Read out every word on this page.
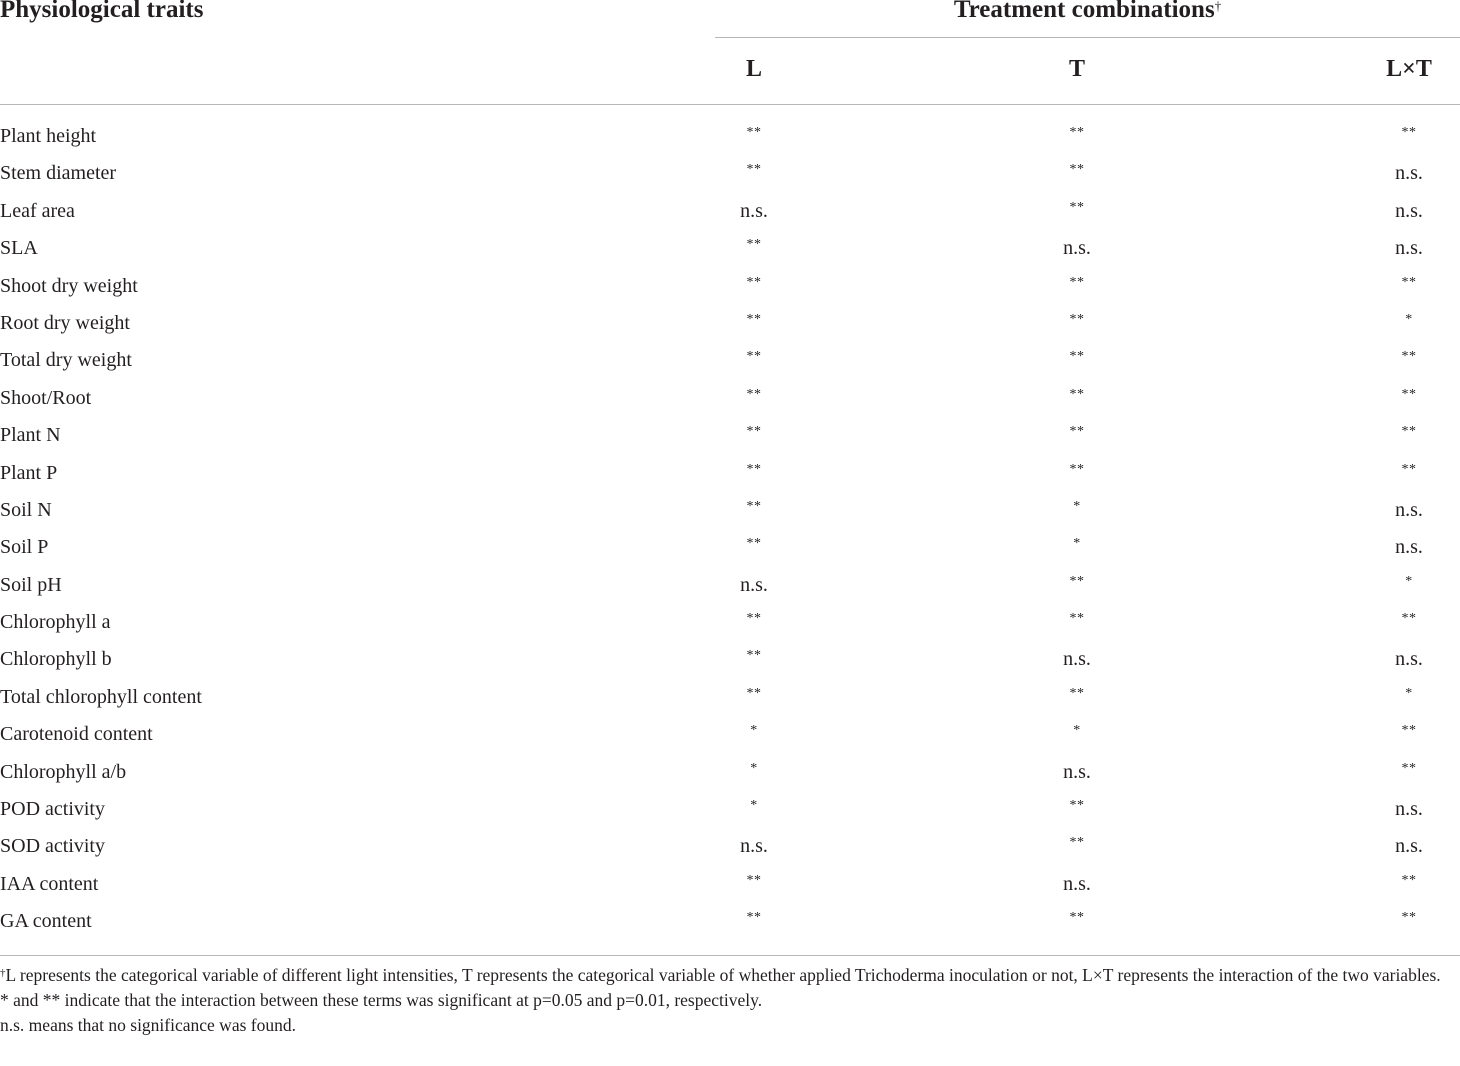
Physiological traits	Treatment combinations†
L	T	L×T
Plant height	**	**	**
Stem diameter	**	**	n.s.
Leaf area	n.s.	**	n.s.
SLA	**	n.s.	n.s.
Shoot dry weight	**	**	**
Root dry weight	**	**	*
Total dry weight	**	**	**
Shoot/Root	**	**	**
Plant N	**	**	**
Plant P	**	**	**
Soil N	**	*	n.s.
Soil P	**	*	n.s.
Soil pH	n.s.	**	*
Chlorophyll a	**	**	**
Chlorophyll b	**	n.s.	n.s.
Total chlorophyll content	**	**	*
Carotenoid content	*	*	**
Chlorophyll a/b	*	n.s.	**
POD activity	*	**	n.s.
SOD activity	n.s.	**	n.s.
IAA content	**	n.s.	**
GA content	**	**	**

†L represents the categorical variable of different light intensities, T represents the categorical variable of whether applied Trichoderma inoculation or not, L×T represents the interaction of the two variables.

* and ** indicate that the interaction between these terms was significant at p=0.05 and p=0.01, respectively.

n.s. means that no significance was found.
